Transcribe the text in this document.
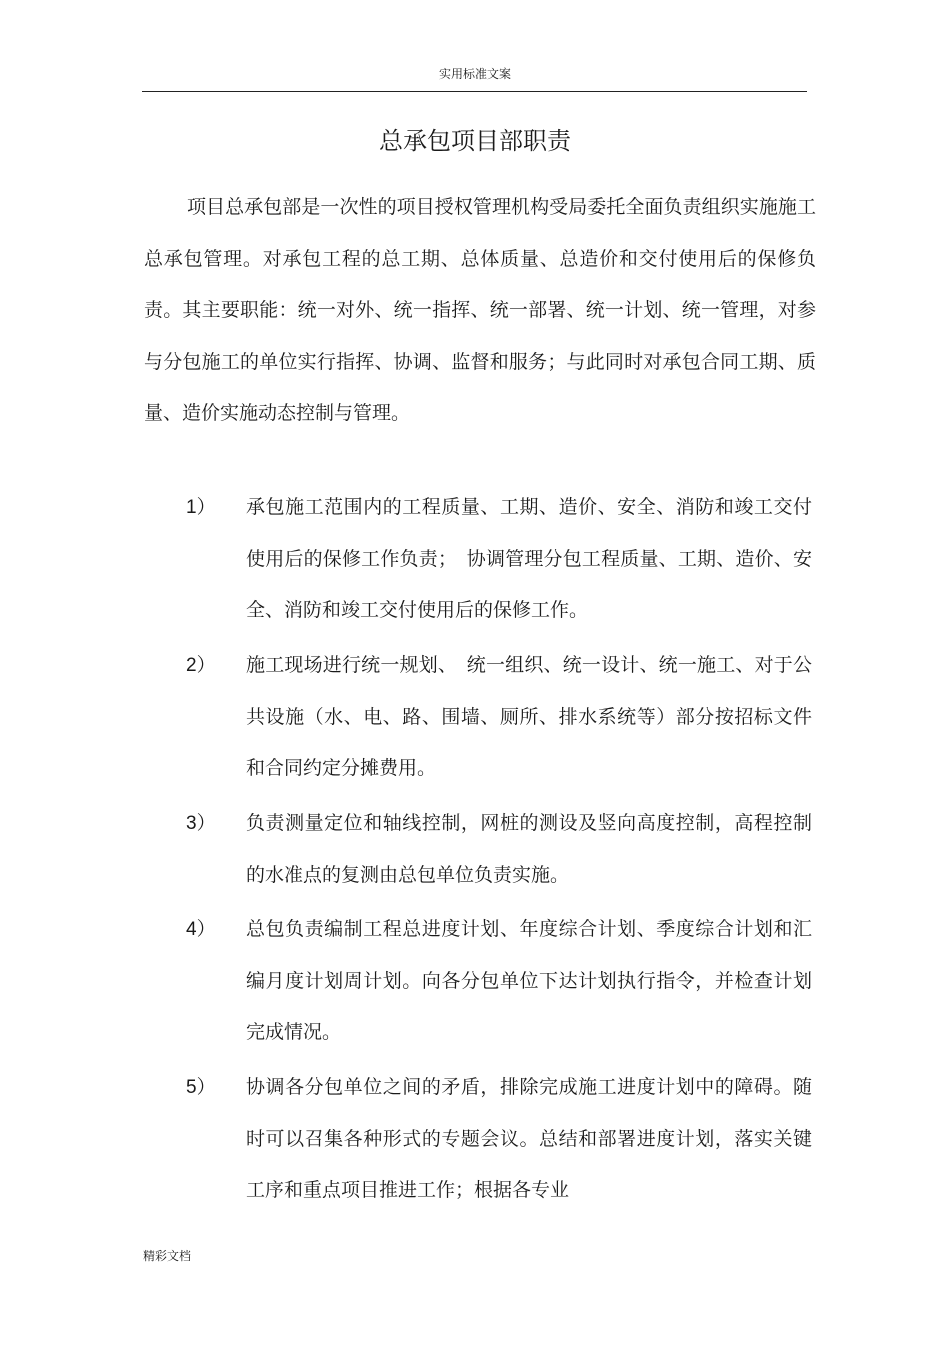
实用标准文案
总承包项目部职责

项目总承包部是一次性的项目授权管理机构受局委托全面负责组织实施施工总承包管理。对承包工程的总工期、总体质量、总造价和交付使用后的保修负责。其主要职能：统一对外、统一指挥、统一部署、统一计划、统一管理，对参与分包施工的单位实行指挥、协调、监督和服务；与此同时对承包合同工期、质量、造价实施动态控制与管理。

1） 承包施工范围内的工程质量、工期、造价、安全、消防和竣工交付使用后的保修工作负责；　协调管理分包工程质量、工期、造价、安全、消防和竣工交付使用后的保修工作。

2） 施工现场进行统一规划、　统一组织、统一设计、统一施工、对于公共设施（水、电、路、围墙、厕所、排水系统等）部分按招标文件和合同约定分摊费用。

3） 负责测量定位和轴线控制，网桩的测设及竖向高度控制，高程控制的水准点的复测由总包单位负责实施。

4） 总包负责编制工程总进度计划、年度综合计划、季度综合计划和汇编月度计划周计划。向各分包单位下达计划执行指令，并检查计划完成情况。

5） 协调各分包单位之间的矛盾，排除完成施工进度计划中的障碍。随时可以召集各种形式的专题会议。总结和部署进度计划，落实关键工序和重点项目推进工作；根据各专业

精彩文档
